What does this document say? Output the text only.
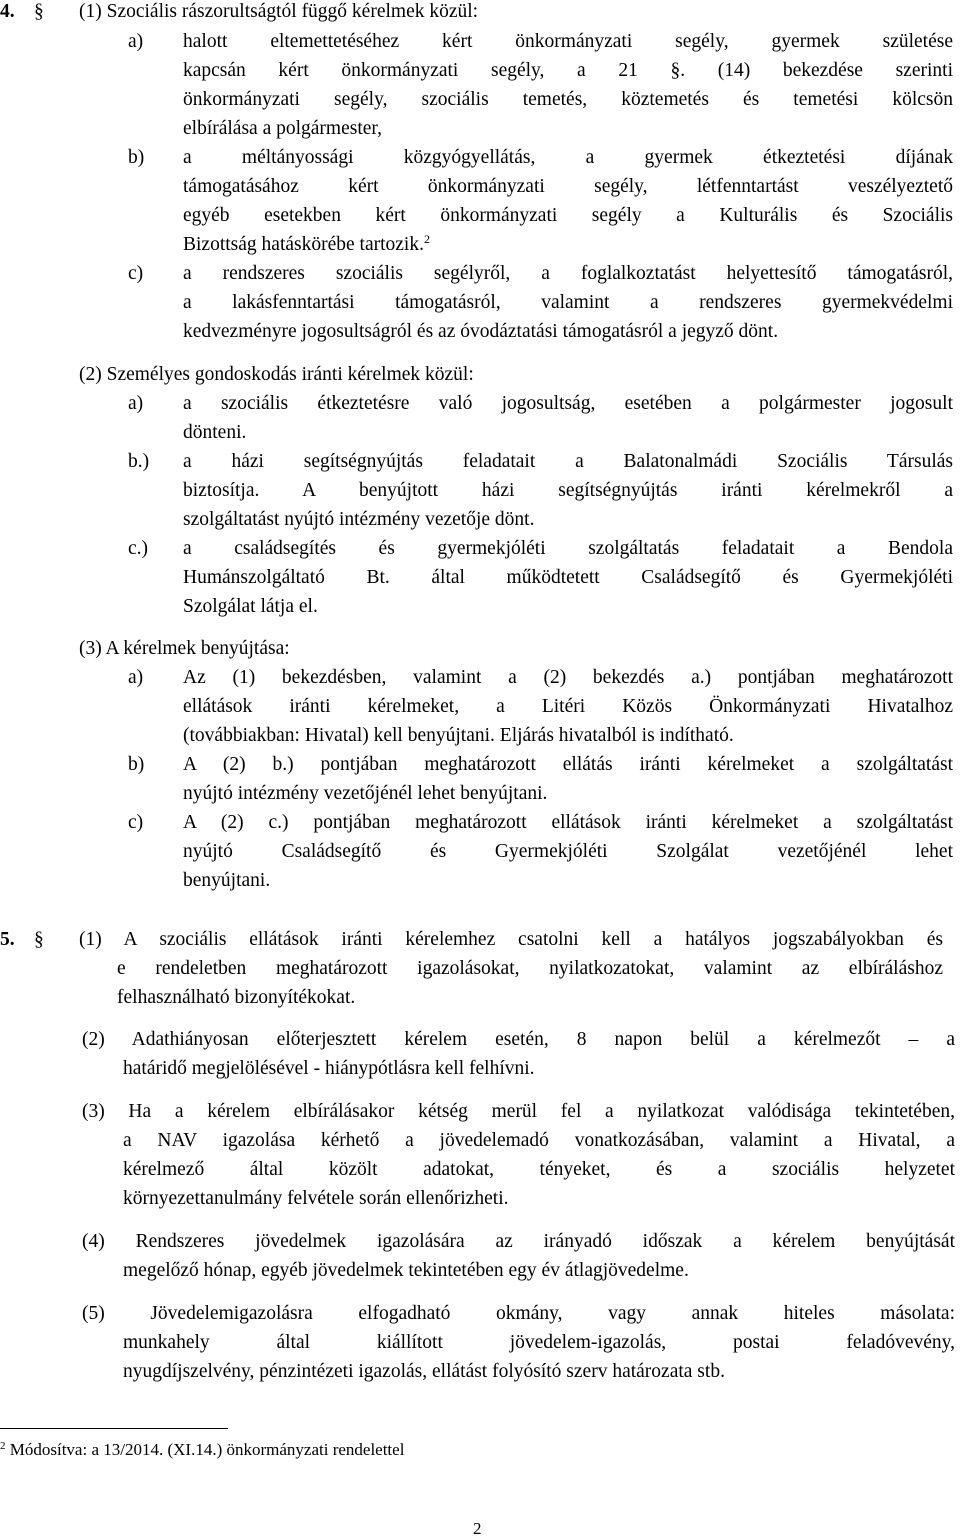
4. § (1) Szociális rászorultságtól függő kérelmek közül:
a) halott eltemettetéséhez kért önkormányzati segély, gyermek születése
kapcsán kért önkormányzati segély, a 21 §. (14) bekezdése szerinti
önkormányzati segély, szociális temetés, köztemetés és temetési kölcsön
elbírálása a polgármester,
b) a méltányossági közgyógyellátás, a gyermek étkeztetési díjának
támogatásához kért önkormányzati segély, létfenntartást veszélyeztető
egyéb esetekben kért önkormányzati segély a Kulturális és Szociális
Bizottság hatáskörébe tartozik.$^2$
c) a rendszeres szociális segélyről, a foglalkoztatást helyettesítő támogatásról,
a lakásfenntartási támogatásról, valamint a rendszeres gyermekvédelmi
kedvezményre jogosultságról és az óvodáztatási támogatásról a jegyző dönt.
(2) Személyes gondoskodás iránti kérelmek közül:
a) a szociális étkeztetésre való jogosultság, esetében a polgármester jogosult
dönteni.
b.) a házi segítségnyújtás feladatait a Balatonalmádi Szociális Társulás
biztosítja. A benyújtott házi segítségnyújtás iránti kérelmekről a
szolgáltatást nyújtó intézmény vezetője dönt.
c.) a családsegítés és gyermekjóléti szolgáltatás feladatait a Bendola
Humánszolgáltató Bt. által működtetett Családsegítő és Gyermekjóléti
Szolgálat látja el.
(3) A kérelmek benyújtása:
a) Az (1) bekezdésben, valamint a (2) bekezdés a.) pontjában meghatározott
ellátások iránti kérelmeket, a Litéri Közös Önkormányzati Hivatalhoz
(továbbiakban: Hivatal) kell benyújtani. Eljárás hivatalból is indítható.
b) A (2) b.) pontjában meghatározott ellátás iránti kérelmeket a szolgáltatást
nyújtó intézmény vezetőjénél lehet benyújtani.
c) A (2) c.) pontjában meghatározott ellátások iránti kérelmeket a szolgáltatást
nyújtó Családsegítő és Gyermekjóléti Szolgálat vezetőjénél lehet
benyújtani.
5. § (1) A szociális ellátások iránti kérelemhez csatolni kell a hatályos jogszabályokban és
e rendeletben meghatározott igazolásokat, nyilatkozatokat, valamint az elbíráláshoz
felhasználható bizonyítékokat.
(2) Adathiányosan előterjesztett kérelem esetén, 8 napon belül a kérelmezőt – a
határidő megjelölésével - hiánypótlásra kell felhívni.
(3) Ha a kérelem elbírálásakor kétség merül fel a nyilatkozat valódisága tekintetében,
a NAV igazolása kérhető a jövedelemadó vonatkozásában, valamint a Hivatal, a
kérelmező által közölt adatokat, tényeket, és a szociális helyzetet
környezettanulmány felvétele során ellenőrizheti.
(4) Rendszeres jövedelmek igazolására az irányadó időszak a kérelem benyújtását
megelőző hónap, egyéb jövedelmek tekintetében egy év átlagjövedelme.
(5) Jövedelemigazolásra elfogadható okmány, vagy annak hiteles másolata:
munkahely által kiállított jövedelem-igazolás, postai feladóvevény,
nyugdíjszelvény, pénzintézeti igazolás, ellátást folyósító szerv határozata stb.
$^2$ Módosítva: a 13/2014. (XI.14.) önkormányzati rendelettel
2
